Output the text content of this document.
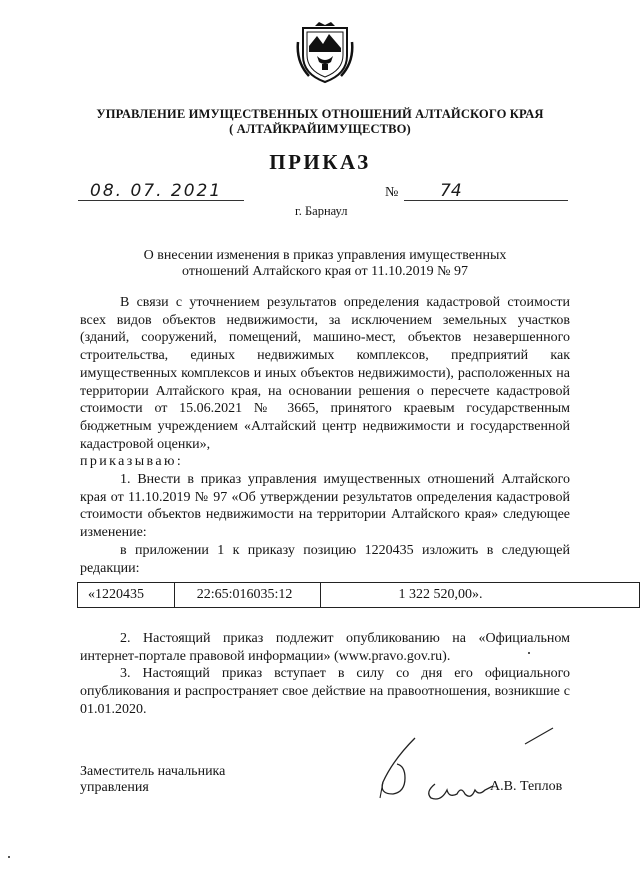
УПРАВЛЕНИЕ ИМУЩЕСТВЕННЫХ ОТНОШЕНИЙ АЛТАЙСКОГО КРАЯ
( АЛТАЙКРАЙИМУЩЕСТВО)
ПРИКАЗ
08. 07. 2021	№ 74
г. Барнаул
О внесении изменения в приказ управления имущественных
отношений Алтайского края от 11.10.2019 № 97

В связи с уточнением результатов определения кадастровой стоимости всех видов объектов недвижимости, за исключением земельных участков (зданий, сооружений, помещений, машино-мест, объектов незавершенного строительства, единых недвижимых комплексов, предприятий как имущественных комплексов и иных объектов недвижимости), расположенных на территории Алтайского края, на основании решения о пересчете кадастровой стоимости от 15.06.2021 № 3665, принятого краевым государственным бюджетным учреждением «Алтайский центр недвижимости и государственной кадастровой оценки»,

приказываю:

1. Внести в приказ управления имущественных отношений Алтайского края от 11.10.2019 № 97 «Об утверждении результатов определения кадастровой стоимости объектов недвижимости на территории Алтайского края» следующее изменение:

в приложении 1 к приказу позицию 1220435 изложить в следующей редакции:

«1220435	22:65:016035:12	1 322 520,00».

2. Настоящий приказ подлежит опубликованию на «Официальном интернет-портале правовой информации» (www.pravo.gov.ru).

3. Настоящий приказ вступает в силу со дня его официального опубликования и распространяет свое действие на правоотношения, возникшие с 01.01.2020.

Заместитель начальника
управления	А.В. Теплов
